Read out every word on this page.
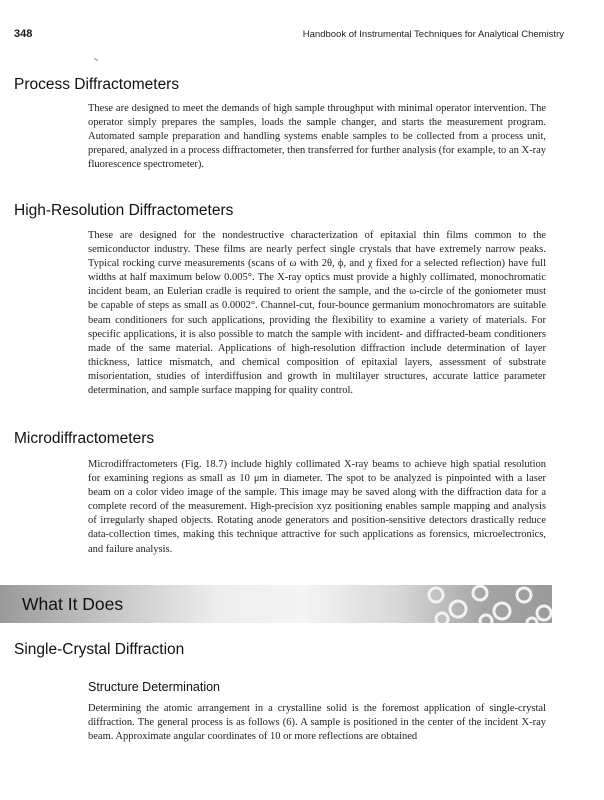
348	Handbook of Instrumental Techniques for Analytical Chemistry
Process Diffractometers

These are designed to meet the demands of high sample throughput with minimal operator intervention. The operator simply prepares the samples, loads the sample changer, and starts the measurement program. Automated sample preparation and handling systems enable samples to be collected from a process unit, prepared, analyzed in a process diffractometer, then transferred for further analysis (for example, to an X-ray fluorescence spectrometer).

High-Resolution Diffractometers

These are designed for the nondestructive characterization of epitaxial thin films common to the semiconductor industry. These films are nearly perfect single crystals that have extremely narrow peaks. Typical rocking curve measurements (scans of ω with 2θ, ϕ, and χ fixed for a selected reflection) have full widths at half maximum below 0.005°. The X-ray optics must provide a highly collimated, monochromatic incident beam, an Eulerian cradle is required to orient the sample, and the ω-circle of the goniometer must be capable of steps as small as 0.0002°. Channel-cut, four-bounce germanium monochromators are suitable beam conditioners for such applications, providing the flexibility to examine a variety of materials. For specific applications, it is also possible to match the sample with incident- and diffracted-beam conditioners made of the same material. Applications of high-resolution diffraction include determination of layer thickness, lattice mismatch, and chemical composition of epitaxial layers, assessment of substrate misorientation, studies of interdiffusion and growth in multilayer structures, accurate lattice parameter determination, and sample surface mapping for quality control.

Microdiffractometers

Microdiffractometers (Fig. 18.7) include highly collimated X-ray beams to achieve high spatial resolution for examining regions as small as 10 μm in diameter. The spot to be analyzed is pinpointed with a laser beam on a color video image of the sample. This image may be saved along with the diffraction data for a complete record of the measurement. High-precision xyz positioning enables sample mapping and analysis of irregularly shaped objects. Rotating anode generators and position-sensitive detectors drastically reduce data-collection times, making this technique attractive for such applications as forensics, microelectronics, and failure analysis.

What It Does
Single-Crystal Diffraction
Structure Determination

Determining the atomic arrangement in a crystalline solid is the foremost application of single-crystal diffraction. The general process is as follows (6). A sample is positioned in the center of the incident X-ray beam. Approximate angular coordinates of 10 or more reflections are obtained
